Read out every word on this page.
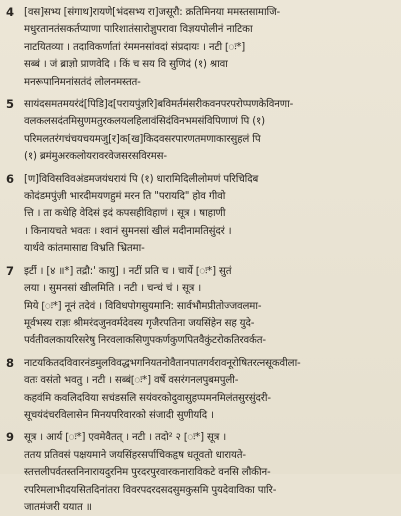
4 [वस]सभ्य [संगाथ]रायणे[भंदसभ्य रा]जसूरौ: क्रतिमिनया ममस्तसामाजि-
मधुरतानतंसकर्तप्याणा पारिशातंसारोज्ञुपरावा विज्ञयपोलीनं नाटिका
नाटयितव्या । तदाविकर्णातां रंममनसांवदां संप्रदायः । नटी [ः*]
सब्बं । जं ब्राज्ञो प्राणवेदि । किं च सय वि सुणिदं (१) श्रावा
मनरूपानिमनांसतंदं लोलनमस्तत-
5 सायंदसमतमयरंदं[पिडि]द[परायपुंज्ञरि]बविमर्तमंसरीकवनपरपरोप्पणकेविनणा-
वलकलसदंतमिसुणमतुरकलयलहिलावंसिदंविनभमसंविपिणाणं पि (१)
परिमलतरंगचंचयचयमजु[र]क[ख]किदवसरपारणतमणाकारसुहलं पि
(१) ब्रमंमुअरकलोयरावरवेजसरसविरमस-
6 [ण]विविसविवअंडमजयंधरायं पि (१) धारामिदिलीलोमणं परिचिदिब
कोदंडमपुंज़ी भारदीमयणहुमं मरन ति "परायदि" होव गीवो
त्ति । ता कधेहि वेदिसं इदं कपसहीविहाणं । सूत्र । षाहाणी
। किनायचते भवतः । श्वानं सुमनसां खीलं मदीनामतिसुंदरं ।
यार्थवे कांतमासाद्य विभ्रति भ्रितमा-
7 इर्टी । [४ ॥*] तद्रौ:' कायु] । नटीं प्रति च । चार्ये [ः*] सुतं
लया । सुमनसां खीलमिति । नटी । चन्चं चं । सूत्र ।
मिये [ः*] नूनं तदेवं । विविधपोगसुयमानि: सार्वभौमप्रीतोज्जवलमा-
मूर्वभस्य राज्ञः श्रीमरंदजुनवर्मदेवस्य गृजैरपतिना जयसिंहेन सह युदे-
पर्वतीवलकायरिसरेषु निरवलाकसिणुपकर्णकुणपितवैकुंटरोकतिरवर्कत-
8 नाटयकितदविवारनंडमुलविवद्धभगनियतनोवैतानपातगर्वरावनूरोषितरत्नसूकवीला-
वतः वसंतो भवतु । नटी । सब्बं[ः*] वर्षे वसरंगनलपुबमपुली-
कहवंमि कवलिदविया सचंडसलि सयंवरकोदुवासुहप्पमनमिलंतसुरसुंदरी-
सूचयंदंचरविलासेन मिनयपरिवारको संजादी सुणीयदि ।
9 सूत्र । आर्य [ः*] एवमेवैतत् । नटी । तदो² २ [ः*] सूत्र ।
ततय प्रतिवसं पक्षयमाने जयसिंहरसर्पाचिकहृष धतूवतो धारायते-
स्तत्तलीपर्वतस्तनिनारायदुरनिम पुरदरपुरवारकनाराविकटे वनसि लौकीन-
रपरिमलाभीदयसितदिनांतरा विवरपदरदसदसुमकुसमि पुयदेवाविका पारि-
जातमंजरी ययात ॥
